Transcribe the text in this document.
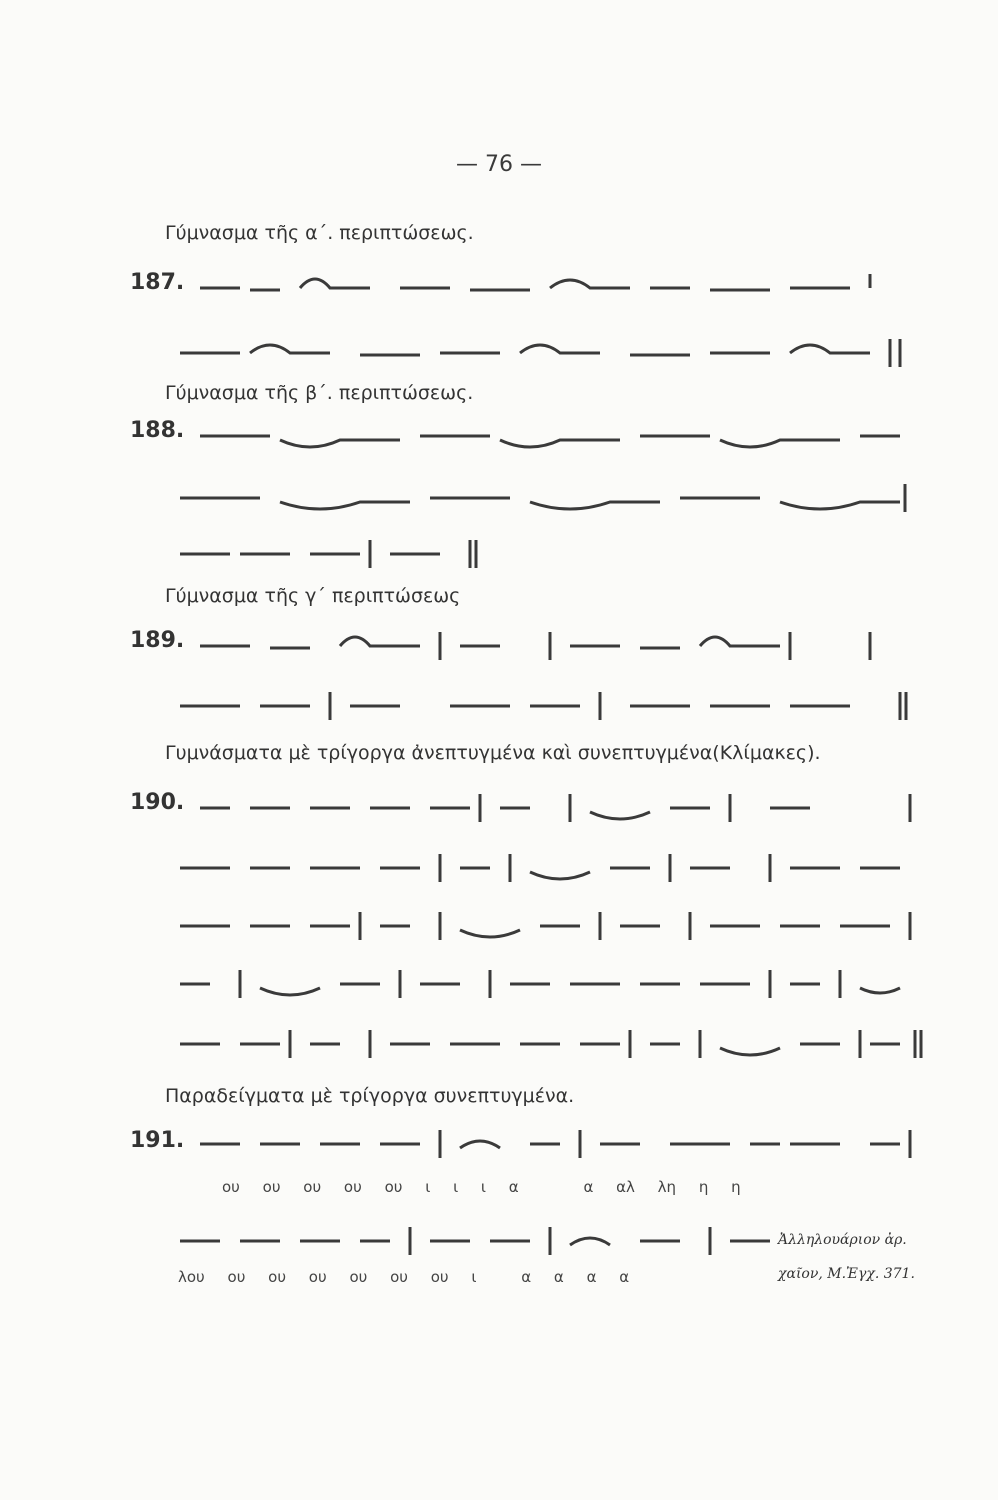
— 76 —
Γύμνασμα τῆς α΄. περιπτώσεως.
187.
Γύμνασμα τῆς β΄. περιπτώσεως.
188.
Γύμνασμα τῆς γ΄ περιπτώσεως
189.
Γυμνάσματα μὲ τρίγοργα ἀνεπτυγμένα καὶ συνεπτυγμένα(Κλίμακες).
190.
Παραδείγματα μὲ τρίγοργα συνεπτυγμένα.
191.
ου ου ου ου ου ι ι ι α	α αλ λη η η
λου ου ου ου ου ου ου ι	α α α α
Ἀλληλουάριον ἀρ.
χαῖον, Μ.Ἐγχ. 371.
